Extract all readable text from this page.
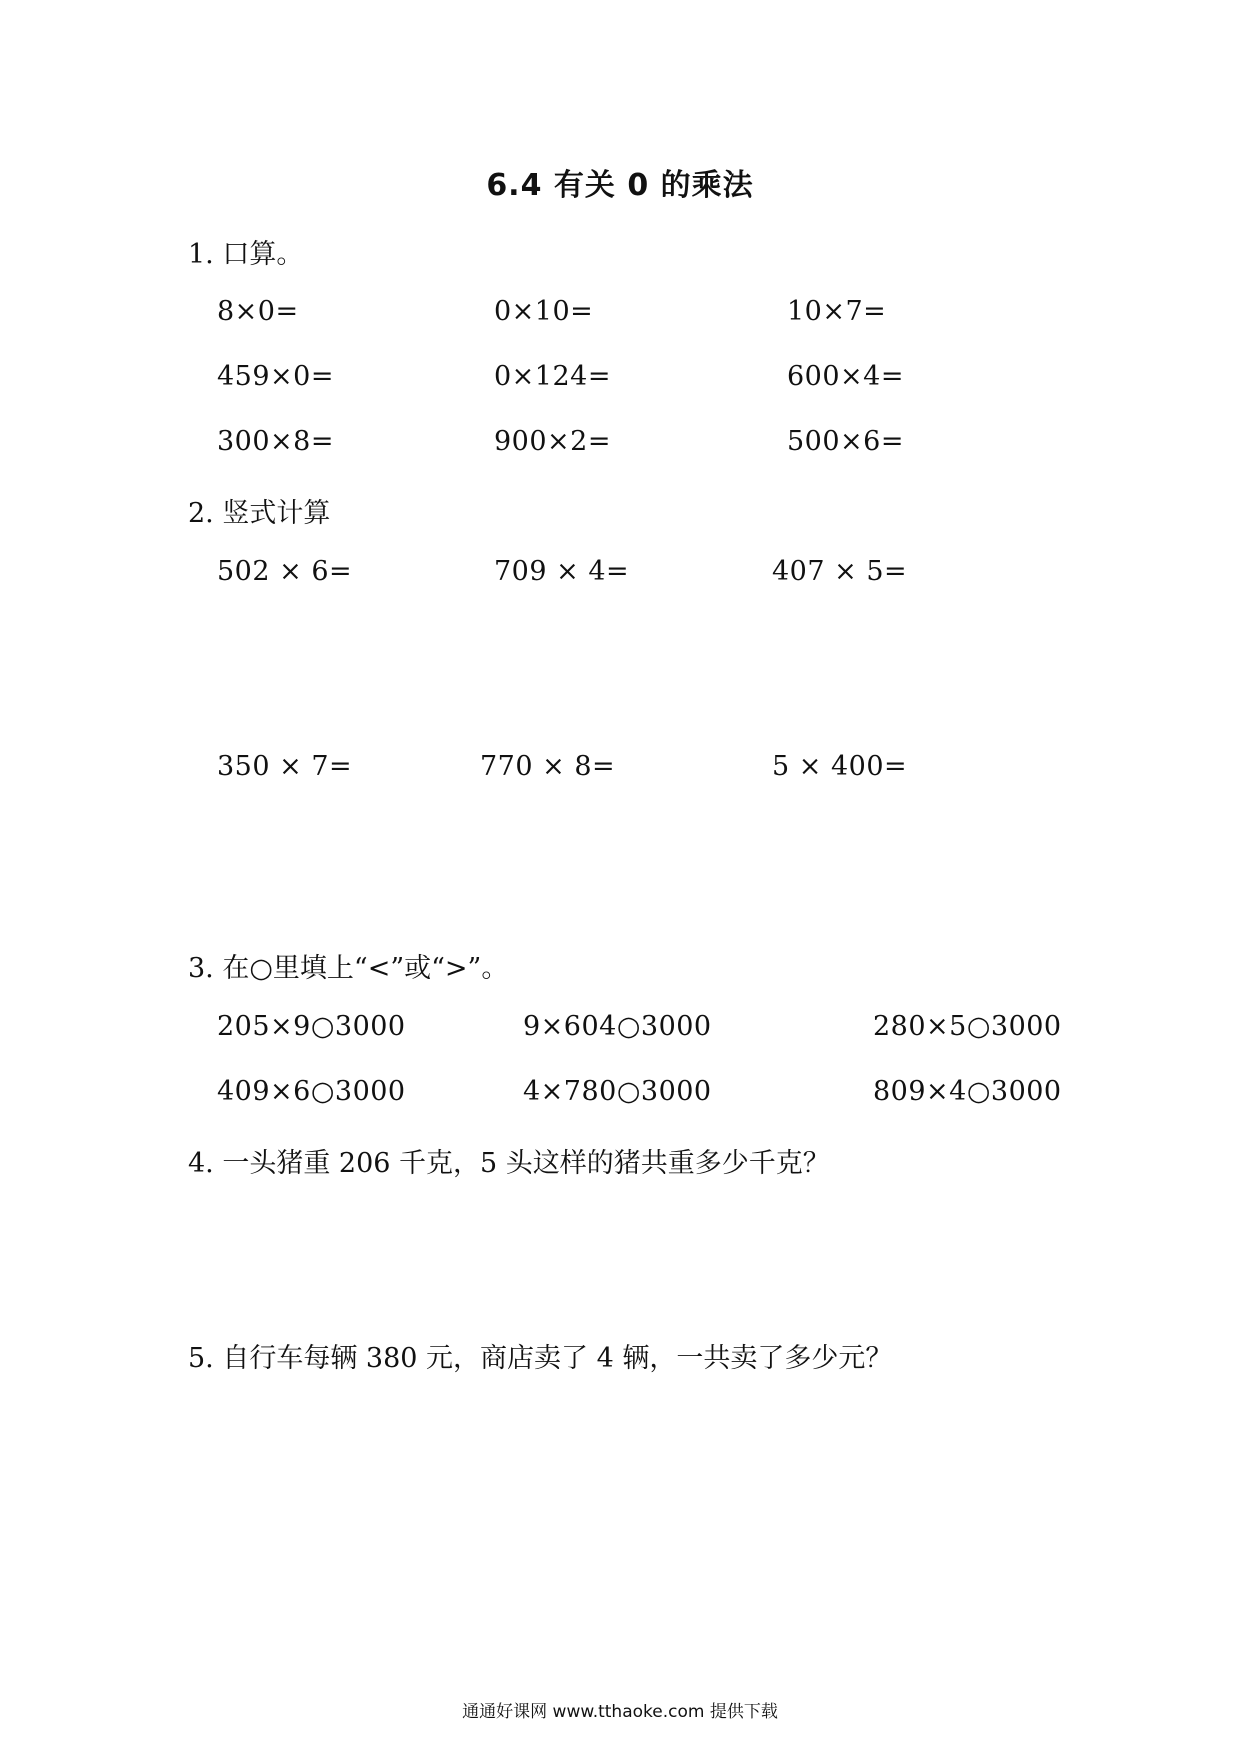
6.4 有关 0 的乘法
1. 口算。
8×0=	0×10=	10×7=
459×0=	0×124=	600×4=
300×8=	900×2=	500×6=
2. 竖式计算
502 × 6=	709 × 4=	407 × 5=
350 × 7=	770 × 8=	5 × 400=
3. 在○里填上“<”或“>”。
205×9○3000	9×604○3000	280×5○3000
409×6○3000	4×780○3000	809×4○3000
4. 一头猪重 206 千克，5 头这样的猪共重多少千克？
5. 自行车每辆 380 元，商店卖了 4 辆，一共卖了多少元？
通通好课网 www.tthaoke.com 提供下载
